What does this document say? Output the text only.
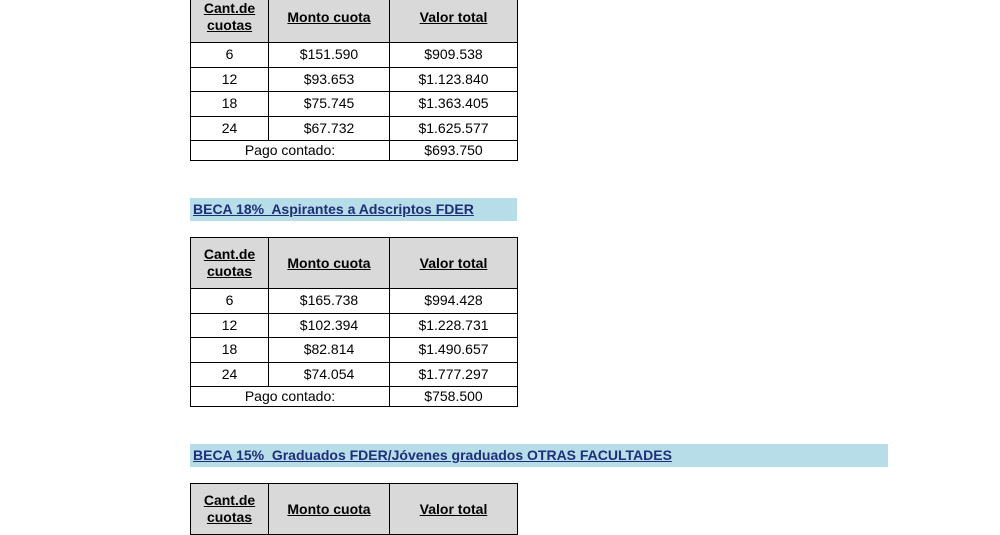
Cant.de cuotas	Monto cuota	Valor total
6	$151.590	$909.538
12	$93.653	$1.123.840
18	$75.745	$1.363.405
24	$67.732	$1.625.577
Pago contado:		$693.750
BECA 18%  Aspirantes a Adscriptos FDER
Cant.de cuotas	Monto cuota	Valor total
6	$165.738	$994.428
12	$102.394	$1.228.731
18	$82.814	$1.490.657
24	$74.054	$1.777.297
Pago contado:		$758.500
BECA 15%  Graduados FDER/Jóvenes graduados OTRAS FACULTADES
Cant.de cuotas	Monto cuota	Valor total
